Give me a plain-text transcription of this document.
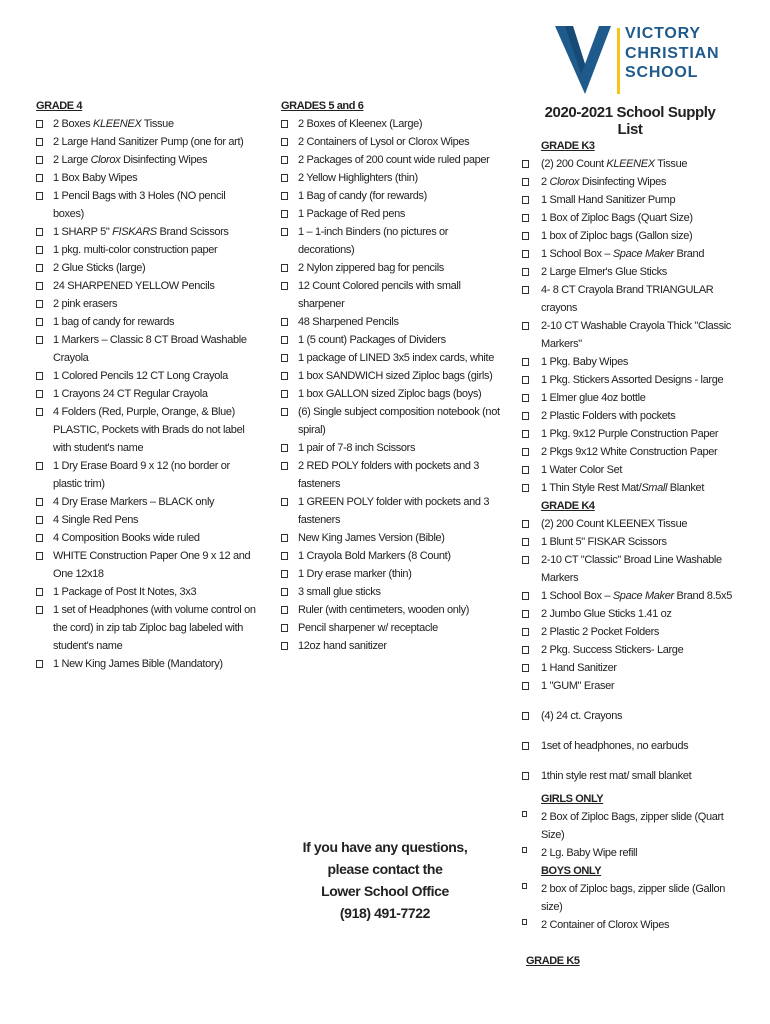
VICTORY
CHRISTIAN
SCHOOL
2020-2021 School Supply List
GRADE 4
2 Boxes KLEENEX Tissue
2 Large Hand Sanitizer Pump (one for art)
2 Large Clorox Disinfecting Wipes
1 Box Baby Wipes
1 Pencil Bags with 3 Holes (NO pencil boxes)
1 SHARP 5" FISKARS Brand Scissors
1 pkg. multi-color construction paper
2 Glue Sticks (large)
24 SHARPENED YELLOW Pencils
2 pink erasers
1 bag of candy for rewards
1 Markers – Classic 8 CT Broad Washable Crayola
1 Colored Pencils 12 CT Long Crayola
1 Crayons 24 CT Regular Crayola
4 Folders (Red, Purple, Orange, & Blue) PLASTIC, Pockets with Brads do not label with student's name
1 Dry Erase Board 9 x 12 (no border or plastic trim)
4 Dry Erase Markers – BLACK only
4 Single Red Pens
4 Composition Books wide ruled
WHITE Construction Paper One 9 x 12 and One 12x18
1 Package of Post It Notes, 3x3
1 set of Headphones (with volume control on the cord) in zip tab Ziploc bag labeled with student's name
1 New King James Bible (Mandatory)
GRADES 5 and 6
2 Boxes of Kleenex (Large)
2 Containers of Lysol or Clorox Wipes
2 Packages of 200 count wide ruled paper
2 Yellow Highlighters (thin)
1 Bag of candy (for rewards)
1 Package of Red pens
1 – 1-inch Binders (no pictures or decorations)
2 Nylon zippered bag for pencils
12 Count Colored pencils with small sharpener
48 Sharpened Pencils
1 (5 count) Packages of Dividers
1 package of LINED 3x5 index cards, white
1 box SANDWICH sized Ziploc bags (girls)
1 box GALLON sized Ziploc bags (boys)
(6) Single subject composition notebook (not spiral)
1 pair of 7-8 inch Scissors
2 RED POLY folders with pockets and 3 fasteners
1 GREEN POLY folder with pockets and 3 fasteners
New King James Version (Bible)
1 Crayola Bold Markers (8 Count)
1 Dry erase marker (thin)
3 small glue sticks
Ruler (with centimeters, wooden only)
Pencil sharpener w/ receptacle
12oz hand sanitizer
GRADE K3
(2) 200 Count KLEENEX Tissue
2 Clorox Disinfecting Wipes
1 Small Hand Sanitizer Pump
1 Box of Ziploc Bags (Quart Size)
1 box of Ziploc bags (Gallon size)
1 School Box – Space Maker Brand
2 Large Elmer's Glue Sticks
4- 8 CT Crayola Brand TRIANGULAR crayons
2-10 CT Washable Crayola Thick "Classic Markers"
1 Pkg. Baby Wipes
1 Pkg. Stickers Assorted Designs - large
1 Elmer glue 4oz bottle
2 Plastic Folders with pockets
1 Pkg. 9x12 Purple Construction Paper
2 Pkgs 9x12 White Construction Paper
1 Water Color Set
1 Thin Style Rest Mat/Small Blanket
GRADE K4
(2) 200 Count KLEENEX Tissue
1 Blunt 5" FISKAR Scissors
2-10 CT "Classic" Broad Line Washable Markers
1 School Box – Space Maker Brand 8.5x5
2 Jumbo Glue Sticks 1.41 oz
2 Plastic 2 Pocket Folders
2 Pkg. Success Stickers- Large
1 Hand Sanitizer
1 "GUM" Eraser
(4) 24 ct. Crayons
1set of headphones, no earbuds
1thin style rest mat/ small blanket
GIRLS ONLY
2 Box of Ziploc Bags, zipper slide (Quart Size)
2 Lg. Baby Wipe refill
BOYS ONLY
2 box of Ziploc bags, zipper slide (Gallon size)
2 Container of Clorox Wipes
GRADE K5
If you have any questions,
please contact the
Lower School Office
(918) 491-7722
